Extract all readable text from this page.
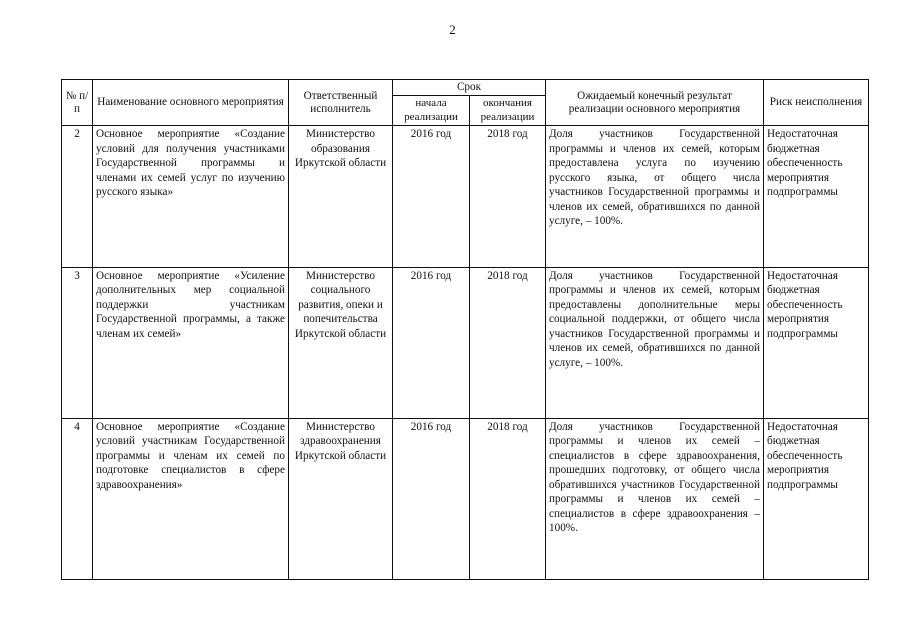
2
№ п/п	Наименование основного мероприятия	Ответственный исполнитель	Срок		Ожидаемый конечный результат реализации основного мероприятия	Риск неисполнения
			начала реализации	окончания реализации		
2	Основное мероприятие «Создание условий для получения участниками Государственной программы и членами их семей услуг по изучению русского языка»	Министерство образования Иркутской области	2016 год	2018 год	Доля участников Государственной программы и членов их семей, которым предоставлена услуга по изучению русского языка, от общего числа участников Государственной программы и членов их семей, обратившихся по данной услуге, – 100%.	Недостаточная бюджетная обеспеченность мероприятия подпрограммы
3	Основное мероприятие «Усиление дополнительных мер социальной поддержки участникам Государственной программы, а также членам их семей»	Министерство социального развития, опеки и попечительства Иркутской области	2016 год	2018 год	Доля участников Государственной программы и членов их семей, которым предоставлены дополнительные меры социальной поддержки, от общего числа участников Государственной программы и членов их семей, обратившихся по данной услуге, – 100%.	Недостаточная бюджетная обеспеченность мероприятия подпрограммы
4	Основное мероприятие «Создание условий участникам Государственной программы и членам их семей по подготовке специалистов в сфере здравоохранения»	Министерство здравоохранения Иркутской области	2016 год	2018 год	Доля участников Государственной программы и членов их семей – специалистов в сфере здравоохранения, прошедших подготовку, от общего числа обратившихся участников Государственной программы и членов их семей – специалистов в сфере здравоохранения – 100%.	Недостаточная бюджетная обеспеченность мероприятия подпрограммы
